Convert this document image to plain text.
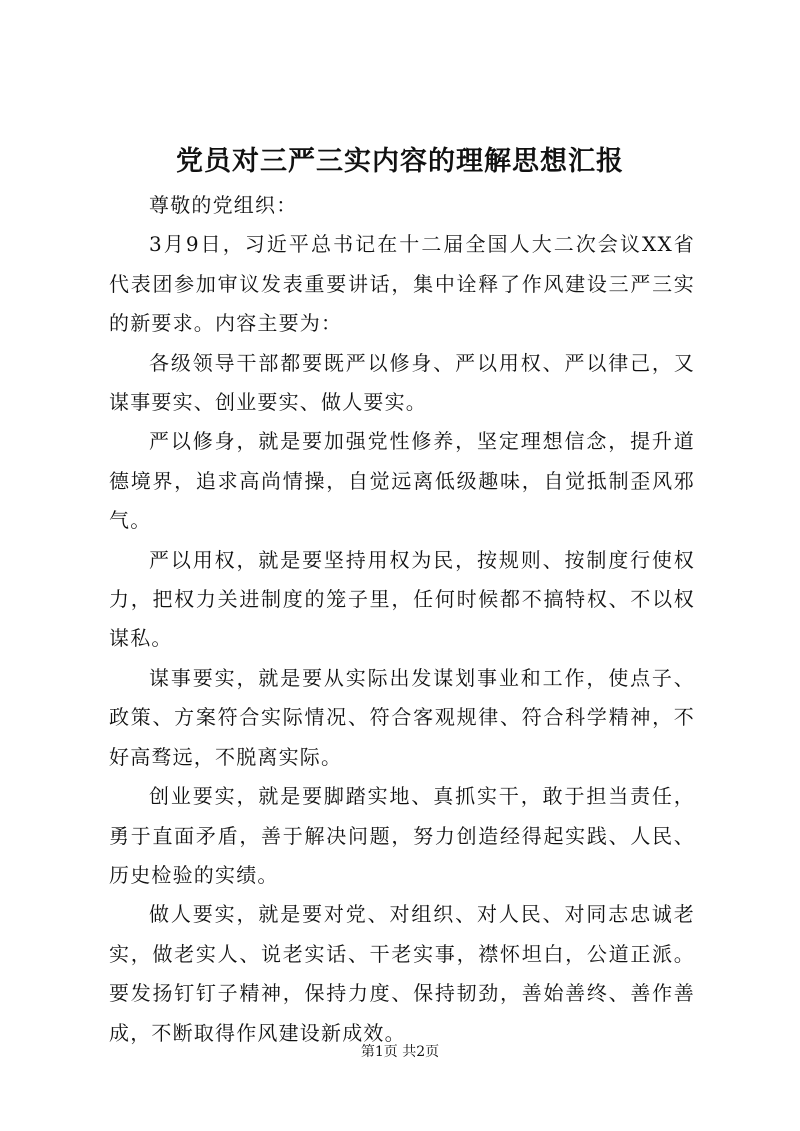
党员对三严三实内容的理解思想汇报

尊敬的党组织：

3月9日，习近平总书记在十二届全国人大二次会议XX省代表团参加审议发表重要讲话，集中诠释了作风建设三严三实的新要求。内容主要为：

各级领导干部都要既严以修身、严以用权、严以律己，又谋事要实、创业要实、做人要实。

严以修身，就是要加强党性修养，坚定理想信念，提升道德境界，追求高尚情操，自觉远离低级趣味，自觉抵制歪风邪气。

严以用权，就是要坚持用权为民，按规则、按制度行使权力，把权力关进制度的笼子里，任何时候都不搞特权、不以权谋私。

谋事要实，就是要从实际出发谋划事业和工作，使点子、政策、方案符合实际情况、符合客观规律、符合科学精神，不好高骛远，不脱离实际。

创业要实，就是要脚踏实地、真抓实干，敢于担当责任，勇于直面矛盾，善于解决问题，努力创造经得起实践、人民、历史检验的实绩。

做人要实，就是要对党、对组织、对人民、对同志忠诚老实，做老实人、说老实话、干老实事，襟怀坦白，公道正派。要发扬钉钉子精神，保持力度、保持韧劲，善始善终、善作善成，不断取得作风建设新成效。

第1页 共2页
